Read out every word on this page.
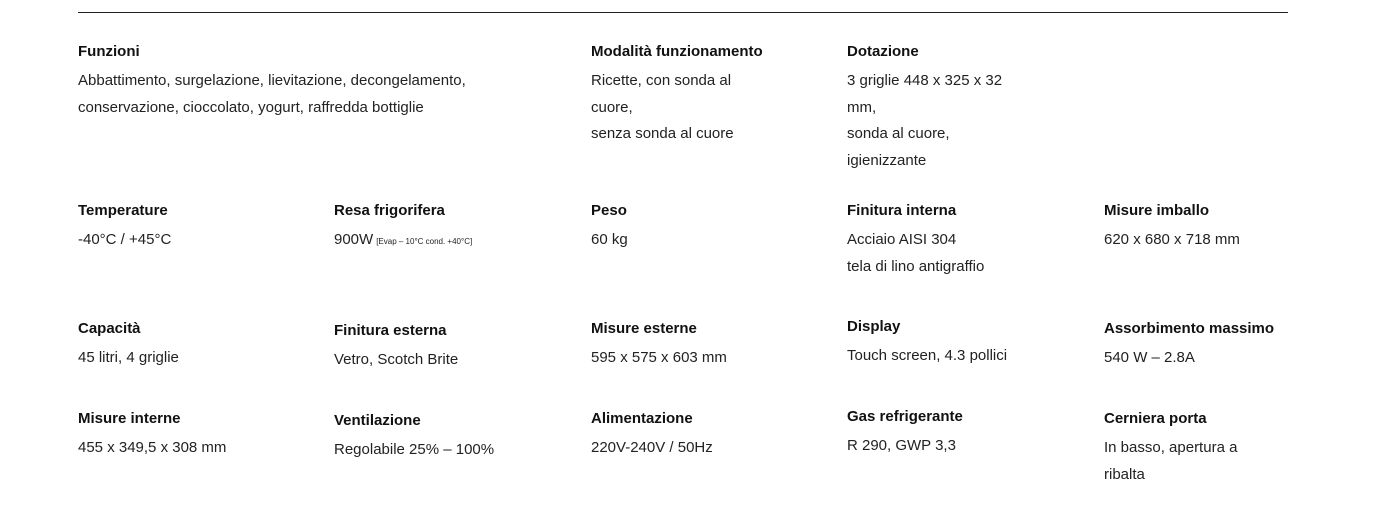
Funzioni
Abbattimento, surgelazione, lievitazione, decongelamento,
conservazione, cioccolato, yogurt, raffredda bottiglie
Modalità funzionamento
Ricette, con sonda al
cuore,
senza sonda al cuore
Dotazione
3 griglie 448 x 325 x 32
mm,
sonda al cuore,
igienizzante
Temperature
-40°C / +45°C
Resa frigorifera
900W [Evap – 10°C cond. +40°C]
Peso
60 kg
Finitura interna
Acciaio AISI 304
tela di lino antigraffio
Misure imballo
620 x 680 x 718 mm
Capacità
45 litri, 4 griglie
Finitura esterna
Vetro, Scotch Brite
Misure esterne
595 x 575 x 603 mm
Display
Touch screen, 4.3 pollici
Assorbimento massimo
540 W – 2.8A
Misure interne
455 x 349,5 x 308 mm
Ventilazione
Regolabile 25% – 100%
Alimentazione
220V-240V / 50Hz
Gas refrigerante
R 290, GWP 3,3
Cerniera porta
In basso, apertura a
ribalta
